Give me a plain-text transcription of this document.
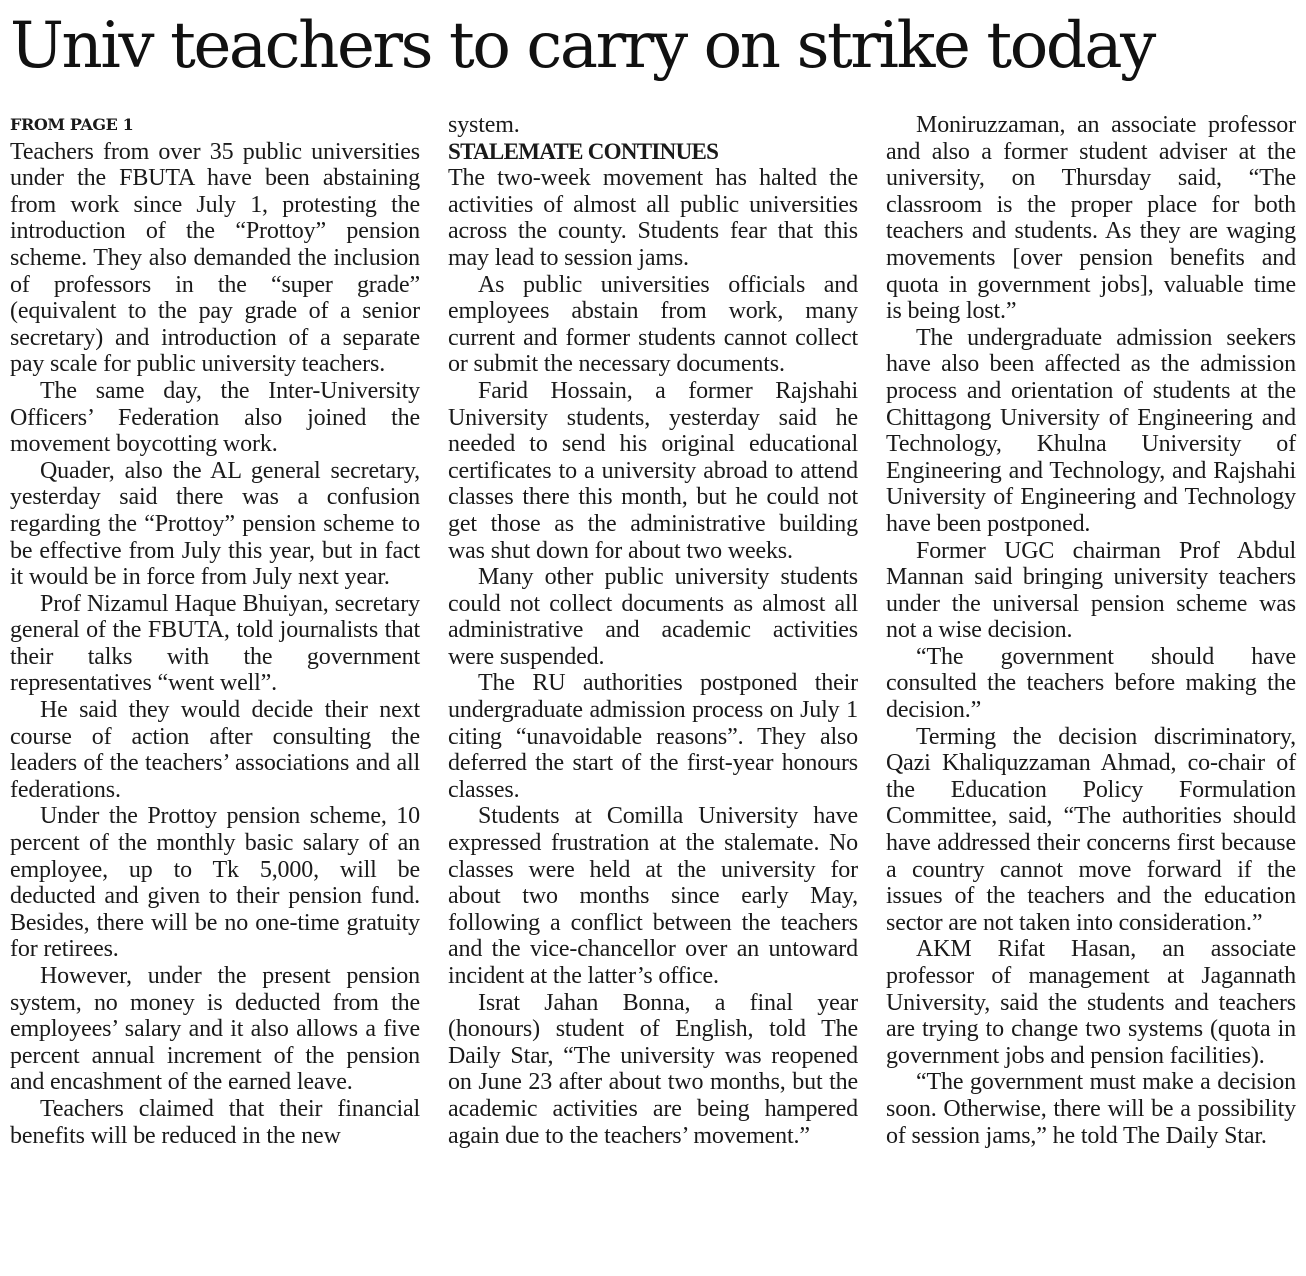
Univ teachers to carry on strike today
FROM PAGE 1

Teachers from over 35 public universities under the FBUTA have been abstaining from work since July 1, protesting the introduction of the “Prottoy” pension scheme. They also demanded the inclusion of professors in the “super grade” (equivalent to the pay grade of a senior secretary) and introduction of a separate pay scale for public university teachers.

The same day, the Inter-University Officers’ Federation also joined the movement boycotting work.

Quader, also the AL general secretary, yesterday said there was a confusion regarding the “Prottoy” pension scheme to be effective from July this year, but in fact it would be in force from July next year.

Prof Nizamul Haque Bhuiyan, secretary general of the FBUTA, told journalists that their talks with the government representatives “went well”.

He said they would decide their next course of action after consulting the leaders of the teachers’ associations and all federations.

Under the Prottoy pension scheme, 10 percent of the monthly basic salary of an employee, up to Tk 5,000, will be deducted and given to their pension fund. Besides, there will be no one-time gratuity for retirees.

However, under the present pension system, no money is deducted from the employees’ salary and it also allows a five percent annual increment of the pension and encashment of the earned leave.

Teachers claimed that their financial benefits will be reduced in the new

system.

STALEMATE CONTINUES

The two-week movement has halted the activities of almost all public universities across the county. Students fear that this may lead to session jams.

As public universities officials and employees abstain from work, many current and former students cannot collect or submit the necessary documents.

Farid Hossain, a former Rajshahi University students, yesterday said he needed to send his original educational certificates to a university abroad to attend classes there this month, but he could not get those as the administrative building was shut down for about two weeks.

Many other public university students could not collect documents as almost all administrative and academic activities were suspended.

The RU authorities postponed their undergraduate admission process on July 1 citing “unavoidable reasons”. They also deferred the start of the first-year honours classes.

Students at Comilla University have expressed frustration at the stalemate. No classes were held at the university for about two months since early May, following a conflict between the teachers and the vice-chancellor over an untoward incident at the latter’s office.

Israt Jahan Bonna, a final year (honours) student of English, told The Daily Star, “The university was reopened on June 23 after about two months, but the academic activities are being hampered again due to the teachers’ movement.”

Moniruzzaman, an associate professor and also a former student adviser at the university, on Thursday said, “The classroom is the proper place for both teachers and students. As they are waging movements [over pension benefits and quota in government jobs], valuable time is being lost.”

The undergraduate admission seekers have also been affected as the admission process and orientation of students at the Chittagong University of Engineering and Technology, Khulna University of Engineering and Technology, and Rajshahi University of Engineering and Technology have been postponed.

Former UGC chairman Prof Abdul Mannan said bringing university teachers under the universal pension scheme was not a wise decision.

“The government should have consulted the teachers before making the decision.”

Terming the decision discriminatory, Qazi Khaliquzzaman Ahmad, co-chair of the Education Policy Formulation Committee, said, “The authorities should have addressed their concerns first because a country cannot move forward if the issues of the teachers and the education sector are not taken into consideration.”

AKM Rifat Hasan, an associate professor of management at Jagannath University, said the students and teachers are trying to change two systems (quota in government jobs and pension facilities).

“The government must make a decision soon. Otherwise, there will be a possibility of session jams,” he told The Daily Star.
